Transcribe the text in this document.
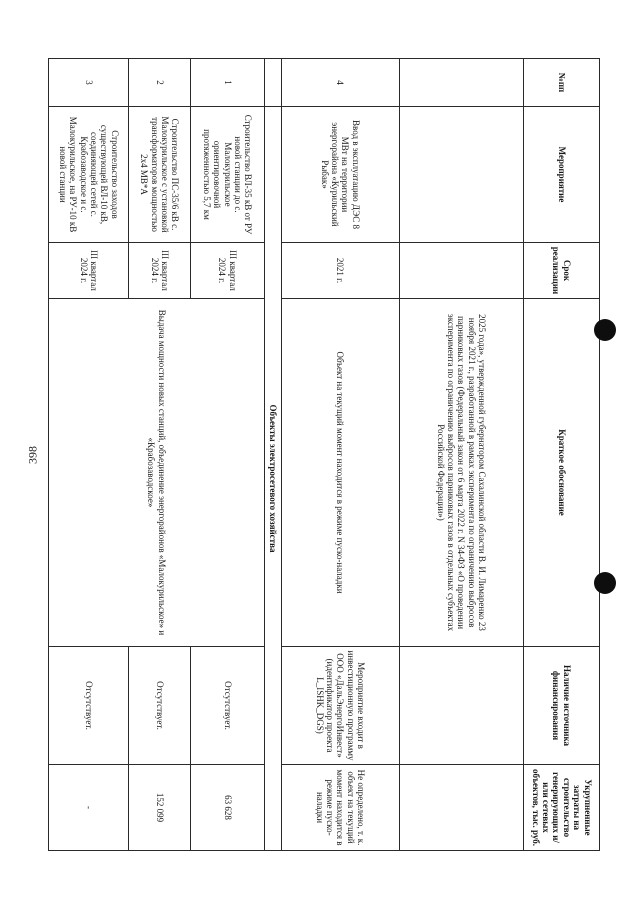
398
№пп	Мероприятие	Срок реализации	Краткое обоснование	Наличие источника финансирования	Укрупненные затраты на строительство генерирующих и/или сетевых объектов, тыс. руб.
			2025 года», утвержденной губернатором Сахалинской области В. И. Лимаренко 23 ноября 2021 г., разработанной в рамках эксперимента по ограничению выбросов парниковых газов (Федеральный закон от 6 марта 2022 г. N 34-ФЗ «О проведении эксперимента по ограничению выбросов парниковых газов в отдельных субъектах Российской Федерации»)		
4	Ввод в эксплуатацию ДЭС 8 МВт на территории энергорайона «Курильский Рыбак»	2021 г.	Объект на текущий момент находится в режиме пуско-наладки	Мероприятие входит в инвестиционную программу ООО «ДальЭнергоИнвест» (идентификатор проекта L_ISHK_DGS)	Не определено, т. к. объект на текущий момент находится в режиме пуско-наладки
	Объекты электросетевого хозяйства				
1	Строительство ВЛ-35 кВ от РУ новой станции до с. Малокурильское ориентировочной протяженностью 5,7 км	III квартал 2024 г.	Выдача мощности новых станций, объединение энергорайонов «Малокурильское» и «Крабозаводское»	Отсутствует.	63 628
2	Строительство ПС-35/6 кВ с. Малокурильское с установкой трансформаторов мощностью 2х4 МВ*А	III квартал 2024 г.		Отсутствует.	152 099
3	Строительство заходов существующей ВЛ-10 кВ, соединяющей сетей с. Крабозаводское и с. Малокурильское, на РУ-10 кВ новой станции	III квартал 2024 г.		Отсутствует.	-
